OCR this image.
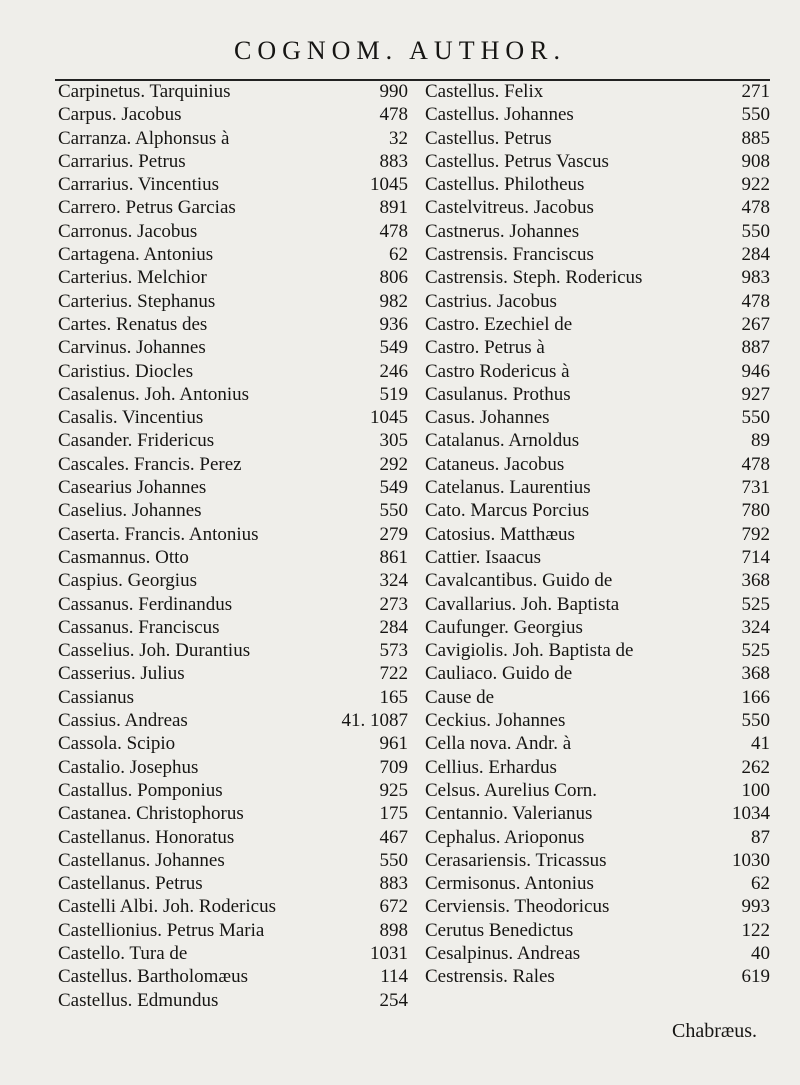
COGNOM. AUTHOR.
Carpinetus. Tarquinius	990
Carpus. Jacobus	478
Carranza. Alphonsus à	32
Carrarius. Petrus	883
Carrarius. Vincentius	1045
Carrero. Petrus Garcias	891
Carronus. Jacobus	478
Cartagena. Antonius	62
Carterius. Melchior	806
Carterius. Stephanus	982
Cartes. Renatus des	936
Carvinus. Johannes	549
Caristius. Diocles	246
Casalenus. Joh. Antonius	519
Casalis. Vincentius	1045
Casander. Fridericus	305
Cascales. Francis. Perez	292
Casearius Johannes	549
Caselius. Johannes	550
Caserta. Francis. Antonius	279
Casmannus. Otto	861
Caspius. Georgius	324
Cassanus. Ferdinandus	273
Cassanus. Franciscus	284
Casselius. Joh. Durantius	573
Casserius. Julius	722
Cassianus	165
Cassius. Andreas	41. 1087
Cassola. Scipio	961
Castalio. Josephus	709
Castallus. Pomponius	925
Castanea. Christophorus	175
Castellanus. Honoratus	467
Castellanus. Johannes	550
Castellanus. Petrus	883
Castelli Albi. Joh. Rodericus	672
Castellionius. Petrus Maria	898
Castello. Tura de	1031
Castellus. Bartholomæus	114
Castellus. Edmundus	254
Castellus. Felix	271
Castellus. Johannes	550
Castellus. Petrus	885
Castellus. Petrus Vascus	908
Castellus. Philotheus	922
Castelvitreus. Jacobus	478
Castnerus. Johannes	550
Castrensis. Franciscus	284
Castrensis. Steph. Rodericus	983
Castrius. Jacobus	478
Castro. Ezechiel de	267
Castro. Petrus à	887
Castro Rodericus à	946
Casulanus. Prothus	927
Casus. Johannes	550
Catalanus. Arnoldus	89
Cataneus. Jacobus	478
Catelanus. Laurentius	731
Cato. Marcus Porcius	780
Catosius. Matthæus	792
Cattier. Isaacus	714
Cavalcantibus. Guido de	368
Cavallarius. Joh. Baptista	525
Caufunger. Georgius	324
Cavigiolis. Joh. Baptista de	525
Cauliaco. Guido de	368
Cause de	166
Ceckius. Johannes	550
Cella nova. Andr. à	41
Cellius. Erhardus	262
Celsus. Aurelius Corn.	100
Centannio. Valerianus	1034
Cephalus. Arioponus	87
Cerasariensis. Tricassus	1030
Cermisonus. Antonius	62
Cerviensis. Theodoricus	993
Cerutus Benedictus	122
Cesalpinus. Andreas	40
Cestrensis. Rales	619
Chabræus.
